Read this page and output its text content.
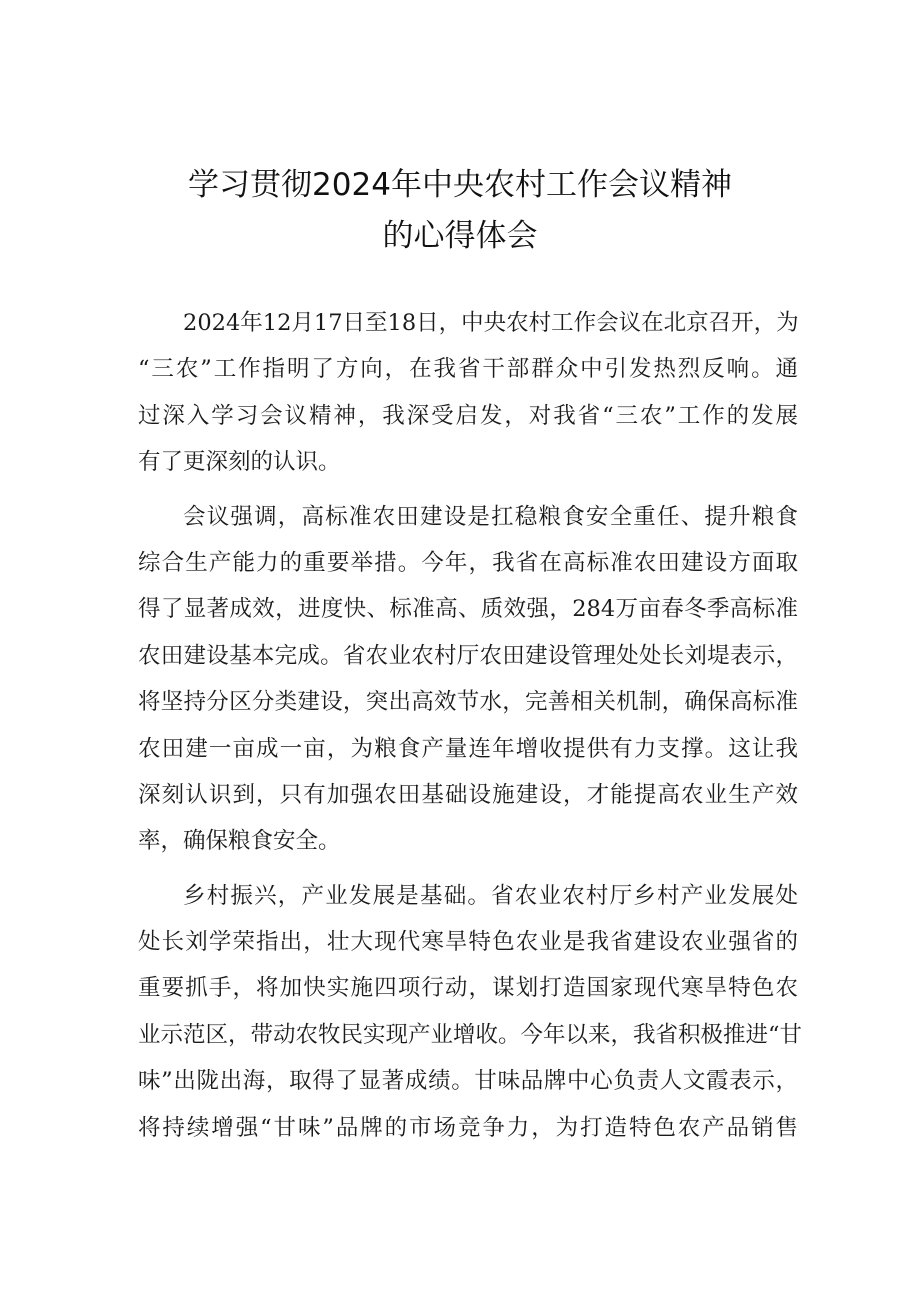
学习贯彻2024年中央农村工作会议精神
的心得体会
2024年12月17日至18日，中央农村工作会议在北京召开，为
“三农”工作指明了方向，在我省干部群众中引发热烈反响。通
过深入学习会议精神，我深受启发，对我省“三农”工作的发展
有了更深刻的认识。
会议强调，高标准农田建设是扛稳粮食安全重任、提升粮食
综合生产能力的重要举措。今年，我省在高标准农田建设方面取
得了显著成效，进度快、标准高、质效强，284万亩春冬季高标准
农田建设基本完成。省农业农村厅农田建设管理处处长刘堤表示，
将坚持分区分类建设，突出高效节水，完善相关机制，确保高标准
农田建一亩成一亩，为粮食产量连年增收提供有力支撑。这让我
深刻认识到，只有加强农田基础设施建设，才能提高农业生产效
率，确保粮食安全。
乡村振兴，产业发展是基础。省农业农村厅乡村产业发展处
处长刘学荣指出，壮大现代寒旱特色农业是我省建设农业强省的
重要抓手，将加快实施四项行动，谋划打造国家现代寒旱特色农
业示范区，带动农牧民实现产业增收。今年以来，我省积极推进“甘
味”出陇出海，取得了显著成绩。甘味品牌中心负责人文霞表示，
将持续增强“甘味”品牌的市场竞争力，为打造特色农产品销售
